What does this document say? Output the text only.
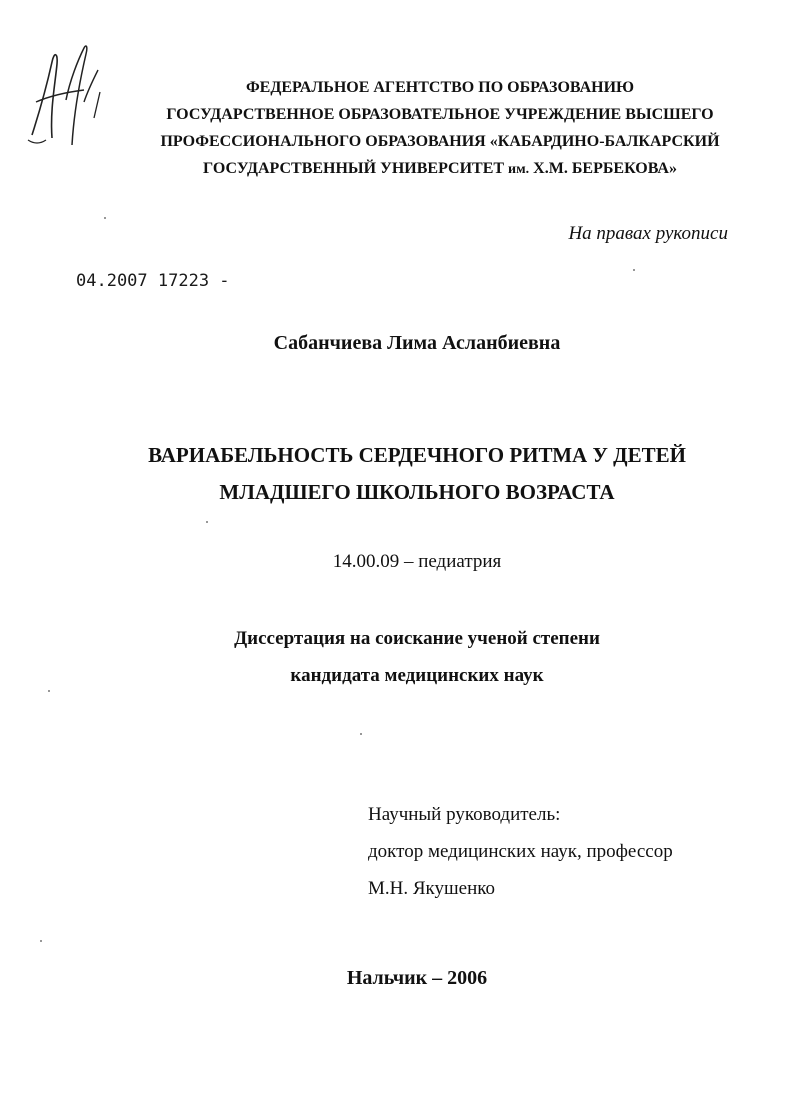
ФЕДЕРАЛЬНОЕ АГЕНТСТВО ПО ОБРАЗОВАНИЮ
ГОСУДАРСТВЕННОЕ ОБРАЗОВАТЕЛЬНОЕ УЧРЕЖДЕНИЕ ВЫСШЕГО
ПРОФЕССИОНАЛЬНОГО ОБРАЗОВАНИЯ «КАБАРДИНО-БАЛКАРСКИЙ
ГОСУДАРСТВЕННЫЙ УНИВЕРСИТЕТ им. Х.М. БЕРБЕКОВА»
На правах рукописи
04.2007 17223 -
Сабанчиева Лима Асланбиевна
ВАРИАБЕЛЬНОСТЬ СЕРДЕЧНОГО РИТМА У ДЕТЕЙ
МЛАДШЕГО ШКОЛЬНОГО ВОЗРАСТА
14.00.09 – педиатрия
Диссертация на соискание ученой степени
кандидата медицинских наук
Научный руководитель:
доктор медицинских наук, профессор
М.Н. Якушенко
Нальчик – 2006
